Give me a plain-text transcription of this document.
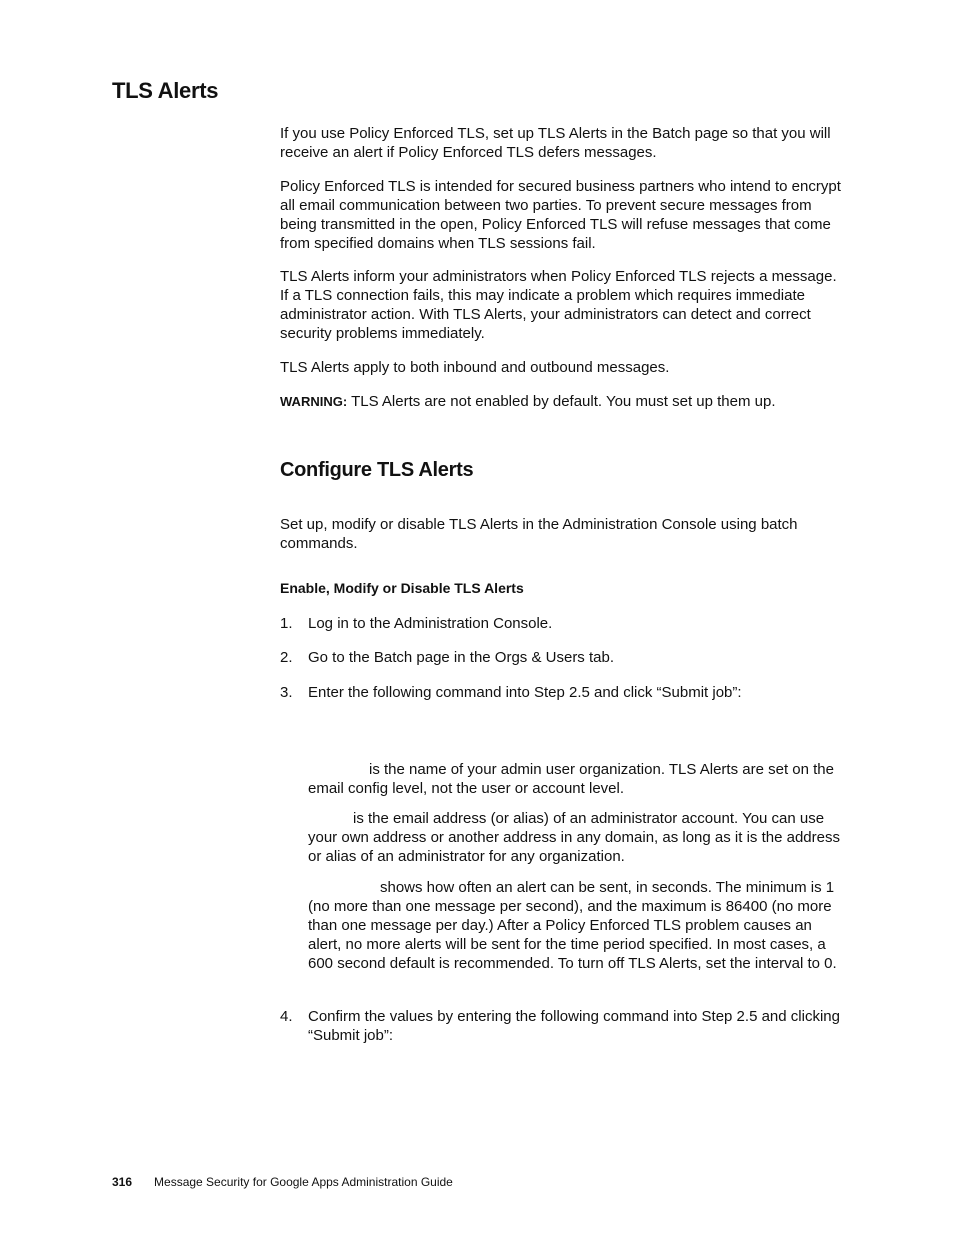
TLS Alerts

If you use Policy Enforced TLS, set up TLS Alerts in the Batch page so that you will receive an alert if Policy Enforced TLS defers messages.

Policy Enforced TLS is intended for secured business partners who intend to encrypt all email communication between two parties. To prevent secure messages from being transmitted in the open, Policy Enforced TLS will refuse messages that come from specified domains when TLS sessions fail.

TLS Alerts inform your administrators when Policy Enforced TLS rejects a message. If a TLS connection fails, this may indicate a problem which requires immediate administrator action. With TLS Alerts, your administrators can detect and correct security problems immediately.

TLS Alerts apply to both inbound and outbound messages.

WARNING: TLS Alerts are not enabled by default. You must set up them up.

Configure TLS Alerts

Set up, modify or disable TLS Alerts in the Administration Console using batch commands.

Enable, Modify or Disable TLS Alerts
1. Log in to the Administration Console.
2. Go to the Batch page in the Orgs & Users tab.
3. Enter the following command into Step 2.5 and click “Submit job”:

is the name of your admin user organization. TLS Alerts are set on the email config level, not the user or account level.

is the email address (or alias) of an administrator account. You can use your own address or another address in any domain, as long as it is the address or alias of an administrator for any organization.

shows how often an alert can be sent, in seconds. The minimum is 1 (no more than one message per second), and the maximum is 86400 (no more than one message per day.) After a Policy Enforced TLS problem causes an alert, no more alerts will be sent for the time period specified. In most cases, a 600 second default is recommended. To turn off TLS Alerts, set the interval to 0.

4. Confirm the values by entering the following command into Step 2.5 and clicking “Submit job”:
316 Message Security for Google Apps Administration Guide
